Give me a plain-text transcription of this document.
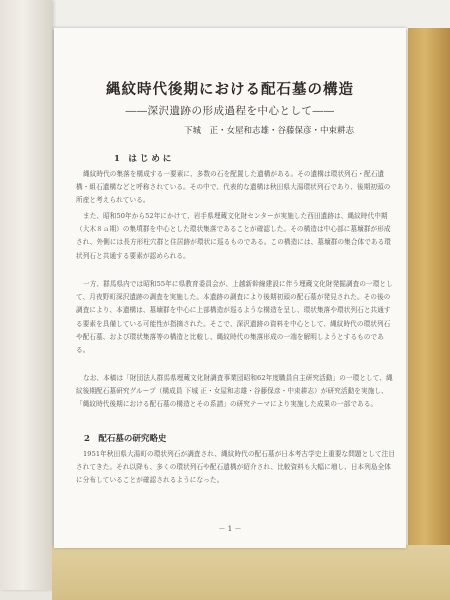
縄紋時代後期における配石墓の構造
――深沢遺跡の形成過程を中心として――
下城　正・女屋和志雄・谷藤保彦・中束耕志
1　は じ め に
縄紋時代の集落を構成する一要素に、多数の石を配置した遺構がある。その遺構は環状列石・配石遺構・組石遺構などと呼称されている。その中で、代表的な遺構は秋田県大湯環状列石であり、後期初頭の所産と考えられている。
また、昭和50年から52年にかけて、岩手県埋蔵文化財センターが実施した西田遺跡は、縄紋時代中期（大木８ａ期）の集墳群を中心とした環状集落であることが確認した。その構造は中心部に墓壙群が形成され、外側には長方形柱穴群と住居跡が環状に巡るものである。この構造には、墓壙群の集合体である環状列石と共通する要素が認められる。
一方、群馬県内では昭和55年に県教育委員会が、上越新幹線建設に伴う埋蔵文化財発掘調査の一環として、月夜野町深沢遺跡の調査を実施した。本遺跡の調査により後期初頭の配石墓が発見された。その後の調査により、本遺構は、墓壙群を中心に上部構造が巡るような構造を呈し、環状集落や環状列石と共通する要素を具備している可能性が指摘された。そこで、深沢遺跡の資料を中心として、縄紋時代の環状列石や配石墓、および環状集落等の構造と比較し、縄紋時代の集落形成の一端を解明しようとするものである。
なお、本稿は「財団法人群馬県埋蔵文化財調査事業団昭和62年度職員自主研究活動」の一環として、縄紋後期配石墓研究グループ（構成員 下城 正・女屋和志雄・谷藤保彦・中束耕志）が研究活動を実施し、「縄紋時代後期における配石墓の構造とその系譜」の研究テーマにより実施した成果の一部である。
2　配石墓の研究略史
1951年秋田県大湯町の環状列石が調査され、縄紋時代の配石墓が日本考古学史上重要な問題として注目されてきた。それ以降も、多くの環状列石や配石遺構が紹介され、比較資料も大幅に増し、日本列島全体に分布していることが確認されるようになった。
－ 1 －
